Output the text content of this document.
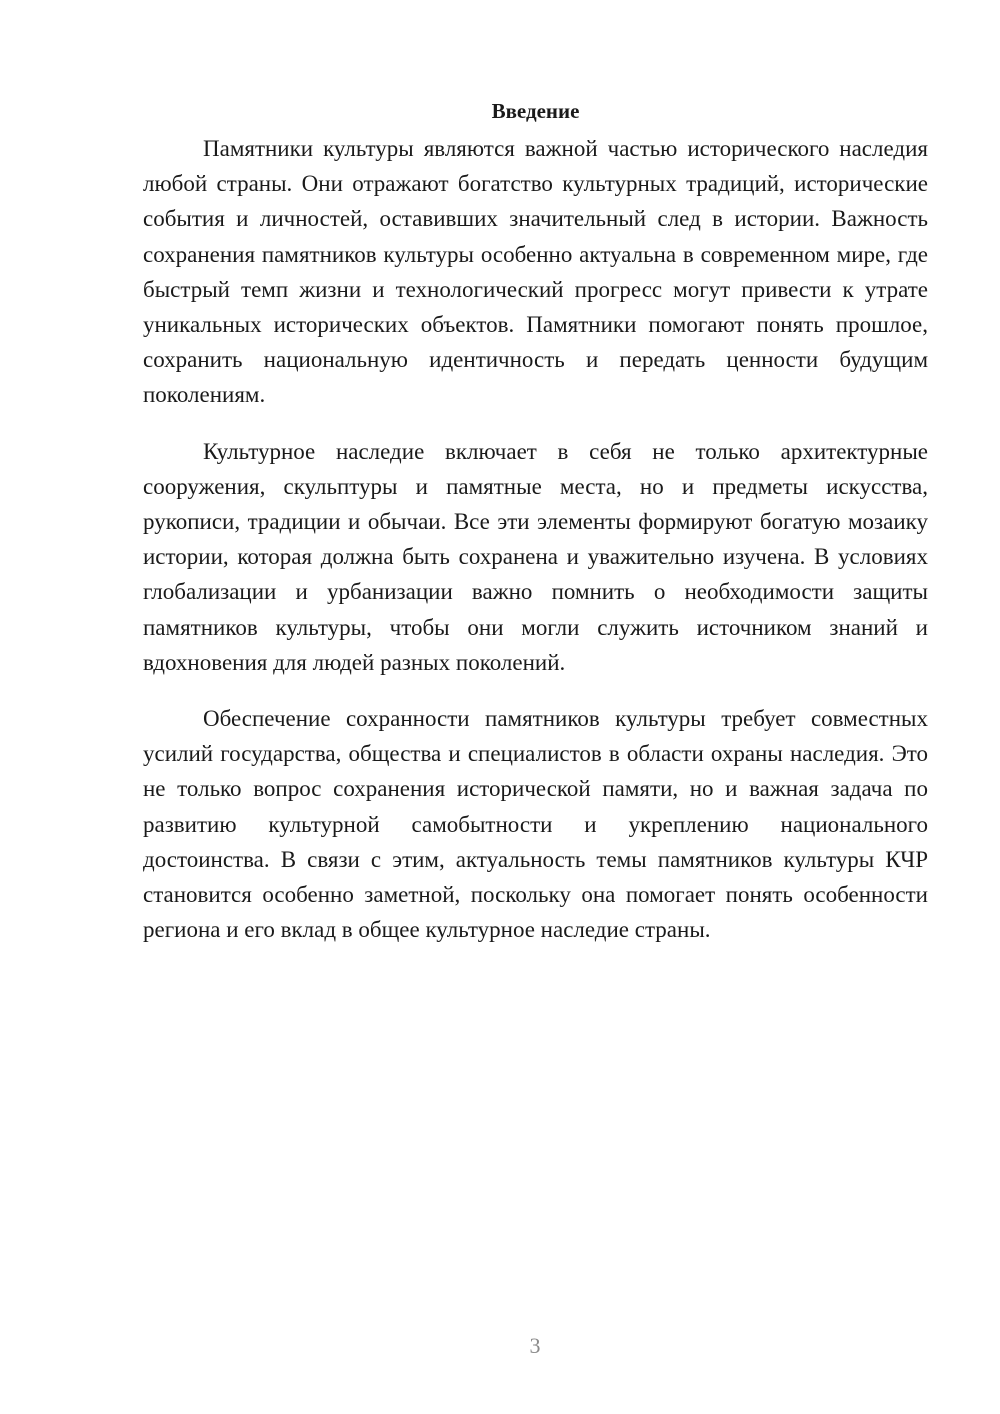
Введение

Памятники культуры являются важной частью исторического наследия любой страны. Они отражают богатство культурных традиций, исторические события и личностей, оставивших значительный след в истории. Важность сохранения памятников культуры особенно актуальна в современном мире, где быстрый темп жизни и технологический прогресс могут привести к утрате уникальных исторических объектов. Памятники помогают понять прошлое, сохранить национальную идентичность и передать ценности будущим поколениям.

Культурное наследие включает в себя не только архитектурные сооружения, скульптуры и памятные места, но и предметы искусства, рукописи, традиции и обычаи. Все эти элементы формируют богатую мозаику истории, которая должна быть сохранена и уважительно изучена. В условиях глобализации и урбанизации важно помнить о необходимости защиты памятников культуры, чтобы они могли служить источником знаний и вдохновения для людей разных поколений.

Обеспечение сохранности памятников культуры требует совместных усилий государства, общества и специалистов в области охраны наследия. Это не только вопрос сохранения исторической памяти, но и важная задача по развитию культурной самобытности и укреплению национального достоинства. В связи с этим, актуальность темы памятников культуры КЧР становится особенно заметной, поскольку она помогает понять особенности региона и его вклад в общее культурное наследие страны.

3
